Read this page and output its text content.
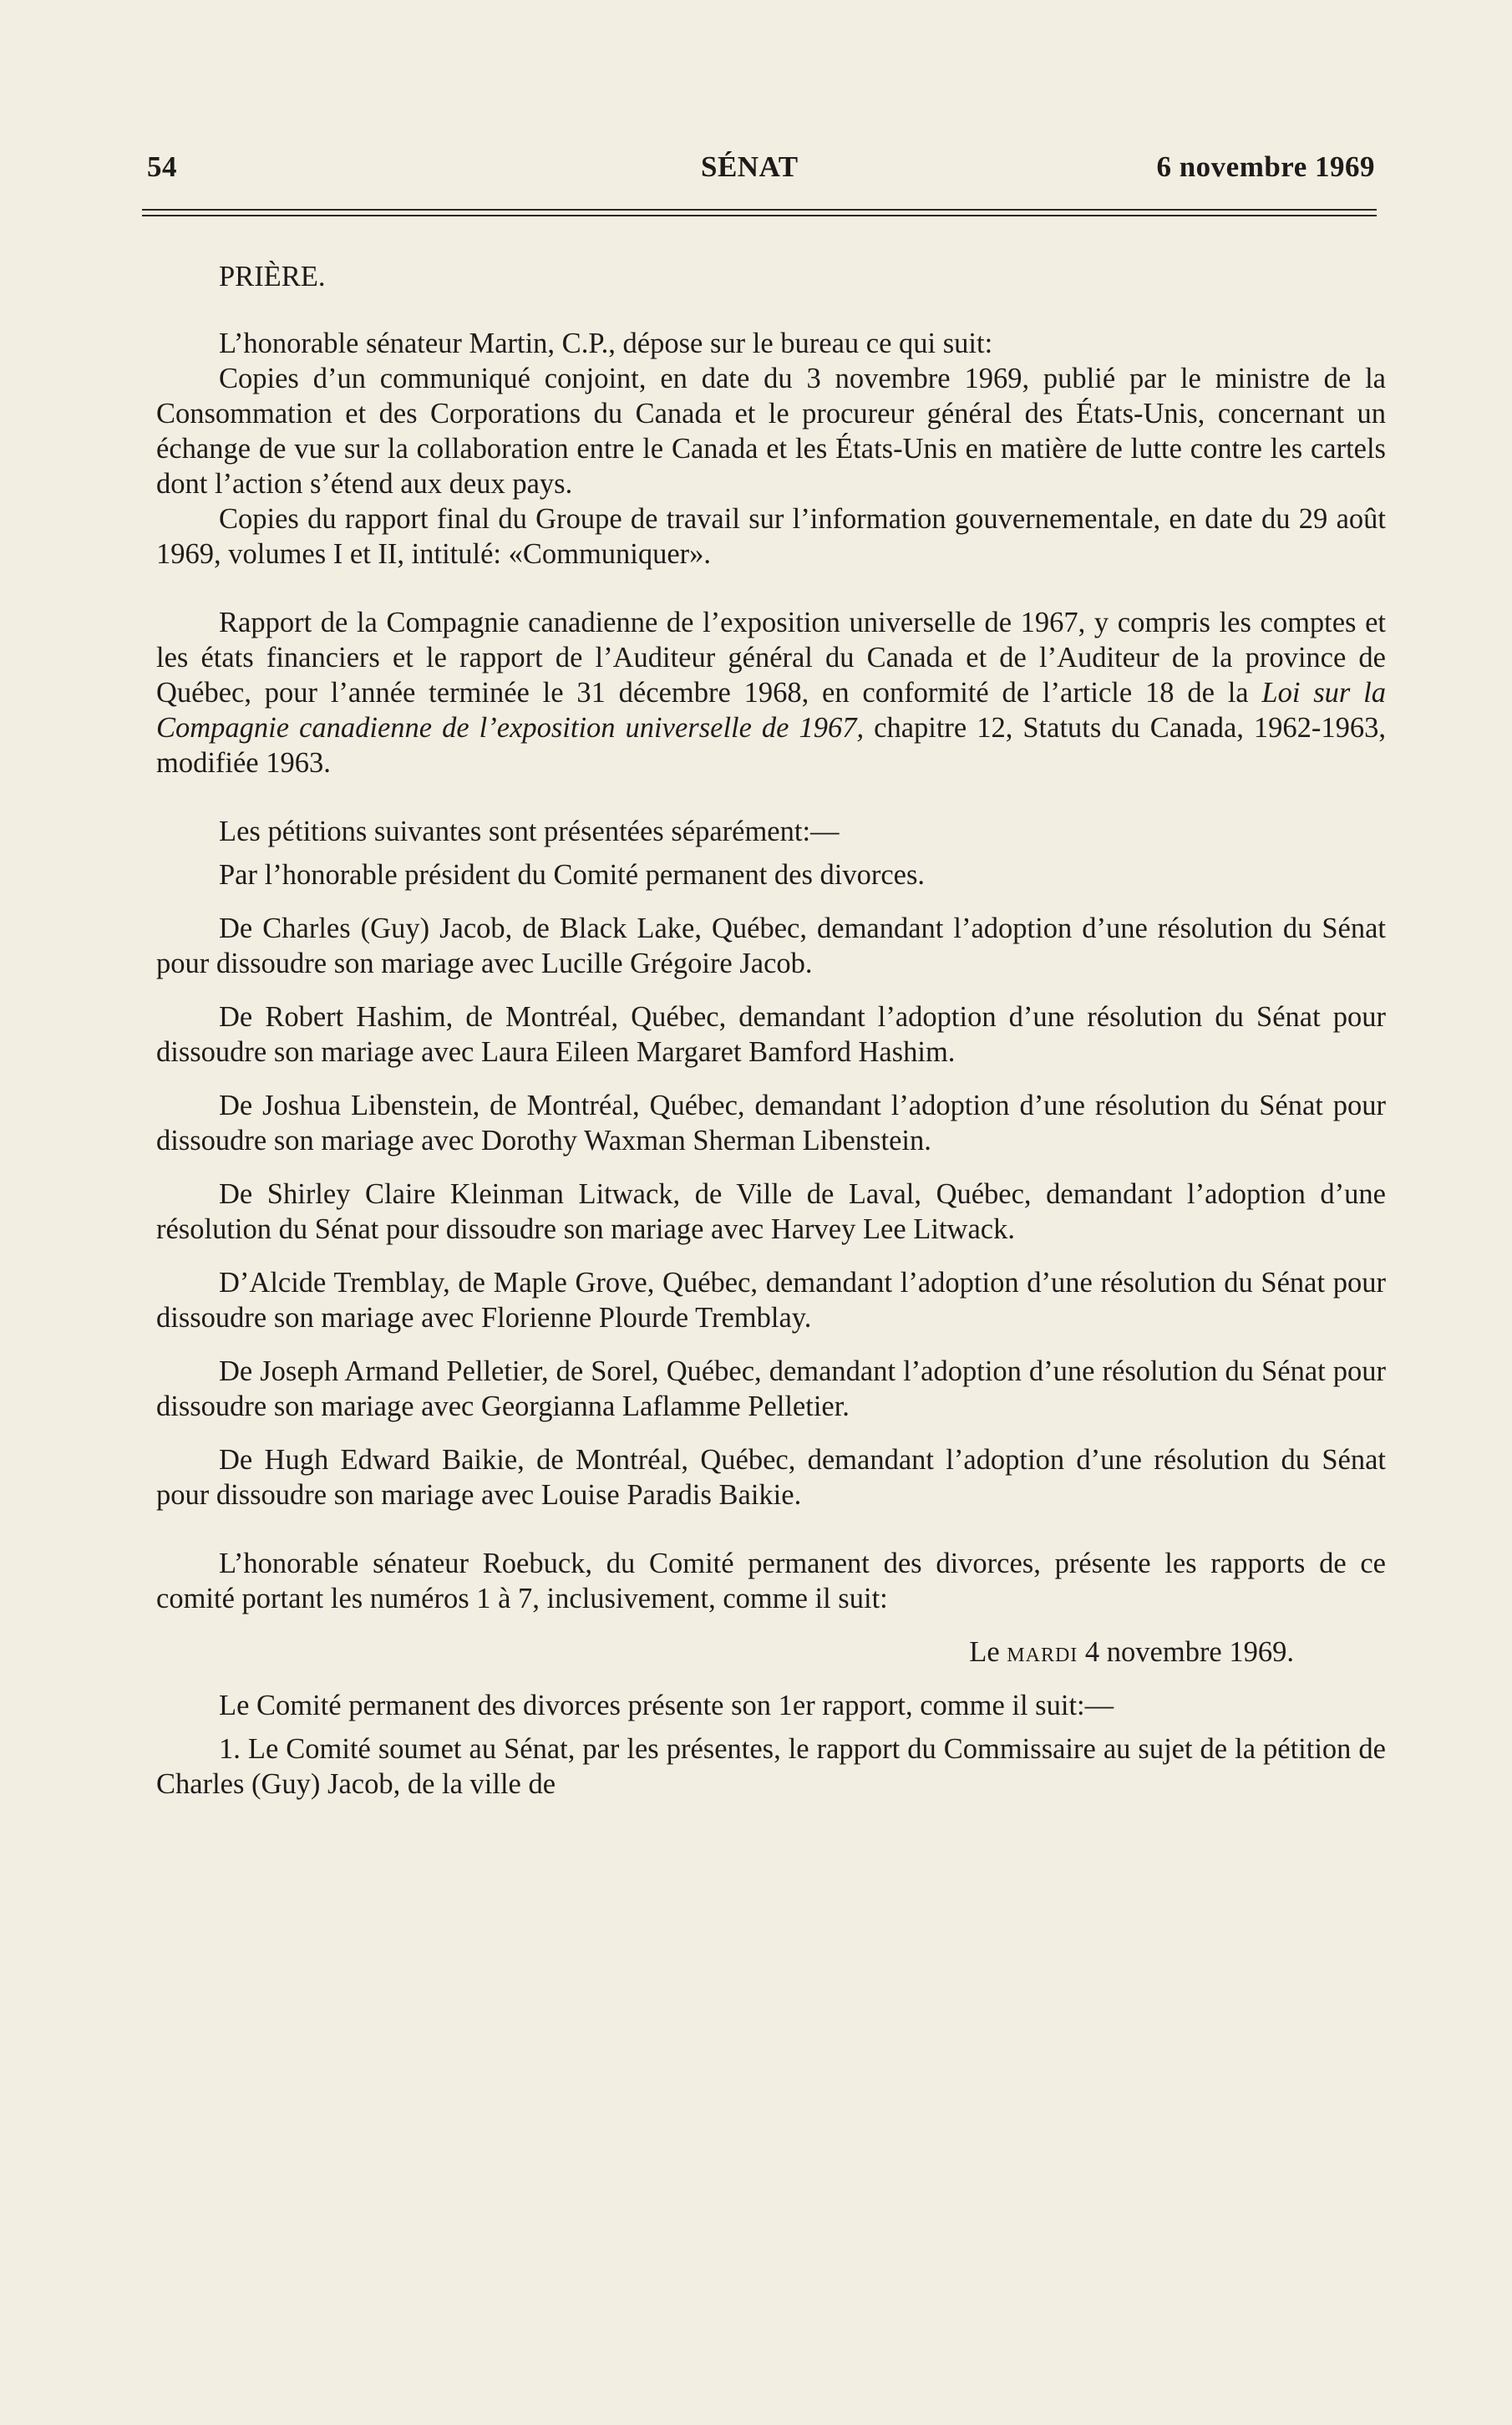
54	SÉNAT	6 novembre 1969

PRIÈRE.

L’honorable sénateur Martin, C.P., dépose sur le bureau ce qui suit:

Copies d’un communiqué conjoint, en date du 3 novembre 1969, publié par le ministre de la Consommation et des Corporations du Canada et le procureur général des États-Unis, concernant un échange de vue sur la collaboration entre le Canada et les États-Unis en matière de lutte contre les cartels dont l’action s’étend aux deux pays.

Copies du rapport final du Groupe de travail sur l’information gouvernementale, en date du 29 août 1969, volumes I et II, intitulé: «Communiquer».

Rapport de la Compagnie canadienne de l’exposition universelle de 1967, y compris les comptes et les états financiers et le rapport de l’Auditeur général du Canada et de l’Auditeur de la province de Québec, pour l’année terminée le 31 décembre 1968, en conformité de l’article 18 de la Loi sur la Compagnie canadienne de l’exposition universelle de 1967, chapitre 12, Statuts du Canada, 1962-1963, modifiée 1963.

Les pétitions suivantes sont présentées séparément:—

Par l’honorable président du Comité permanent des divorces.

De Charles (Guy) Jacob, de Black Lake, Québec, demandant l’adoption d’une résolution du Sénat pour dissoudre son mariage avec Lucille Grégoire Jacob.

De Robert Hashim, de Montréal, Québec, demandant l’adoption d’une résolution du Sénat pour dissoudre son mariage avec Laura Eileen Margaret Bamford Hashim.

De Joshua Libenstein, de Montréal, Québec, demandant l’adoption d’une résolution du Sénat pour dissoudre son mariage avec Dorothy Waxman Sherman Libenstein.

De Shirley Claire Kleinman Litwack, de Ville de Laval, Québec, demandant l’adoption d’une résolution du Sénat pour dissoudre son mariage avec Harvey Lee Litwack.

D’Alcide Tremblay, de Maple Grove, Québec, demandant l’adoption d’une résolution du Sénat pour dissoudre son mariage avec Florienne Plourde Tremblay.

De Joseph Armand Pelletier, de Sorel, Québec, demandant l’adoption d’une résolution du Sénat pour dissoudre son mariage avec Georgianna Laflamme Pelletier.

De Hugh Edward Baikie, de Montréal, Québec, demandant l’adoption d’une résolution du Sénat pour dissoudre son mariage avec Louise Paradis Baikie.

L’honorable sénateur Roebuck, du Comité permanent des divorces, présente les rapports de ce comité portant les numéros 1 à 7, inclusivement, comme il suit:

Le mardi 4 novembre 1969.

Le Comité permanent des divorces présente son 1er rapport, comme il suit:—

1. Le Comité soumet au Sénat, par les présentes, le rapport du Commissaire au sujet de la pétition de Charles (Guy) Jacob, de la ville de
